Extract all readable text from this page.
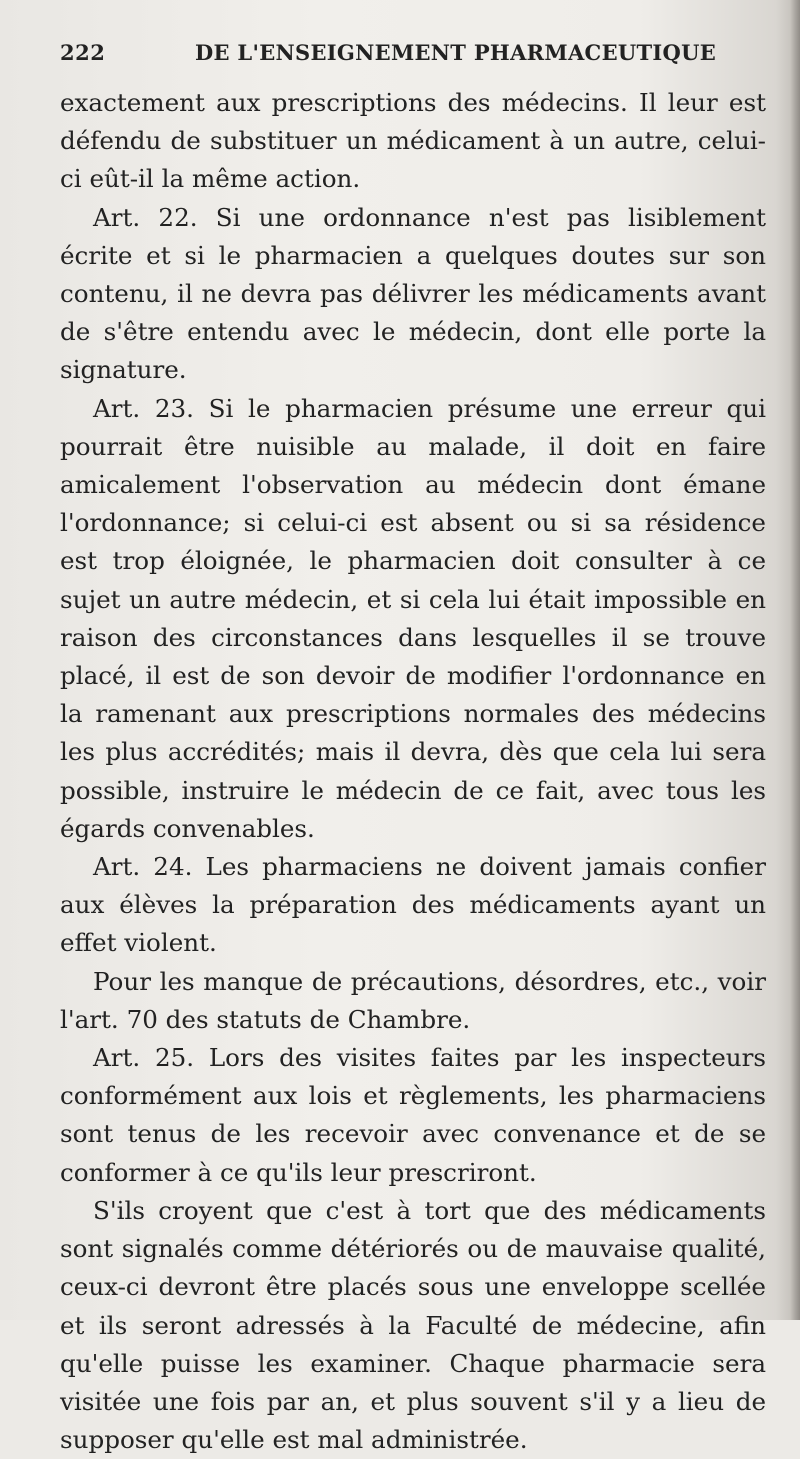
222	DE L'ENSEIGNEMENT PHARMACEUTIQUE

exactement aux prescriptions des médecins. Il leur est défendu de substituer un médicament à un autre, celui-ci eût-il la même action.

Art. 22. Si une ordonnance n'est pas lisiblement écrite et si le pharmacien a quelques doutes sur son contenu, il ne devra pas délivrer les médicaments avant de s'être entendu avec le médecin, dont elle porte la signature.

Art. 23. Si le pharmacien présume une erreur qui pourrait être nuisible au malade, il doit en faire amicalement l'observation au médecin dont émane l'ordonnance; si celui-ci est absent ou si sa résidence est trop éloignée, le pharmacien doit consulter à ce sujet un autre médecin, et si cela lui était impossible en raison des circonstances dans lesquelles il se trouve placé, il est de son devoir de modifier l'ordonnance en la ramenant aux prescriptions normales des médecins les plus accrédités; mais il devra, dès que cela lui sera possible, instruire le médecin de ce fait, avec tous les égards convenables.

Art. 24. Les pharmaciens ne doivent jamais confier aux élèves la préparation des médicaments ayant un effet violent.

Pour les manque de précautions, désordres, etc., voir l'art. 70 des statuts de Chambre.

Art. 25. Lors des visites faites par les inspecteurs conformément aux lois et règlements, les pharmaciens sont tenus de les recevoir avec convenance et de se conformer à ce qu'ils leur prescriront.

S'ils croyent que c'est à tort que des médicaments sont signalés comme détériorés ou de mauvaise qualité, ceux-ci devront être placés sous une enveloppe scellée et ils seront adressés à la Faculté de médecine, afin qu'elle puisse les examiner. Chaque pharmacie sera visitée une fois par an, et plus souvent s'il y a lieu de supposer qu'elle est mal administrée.
